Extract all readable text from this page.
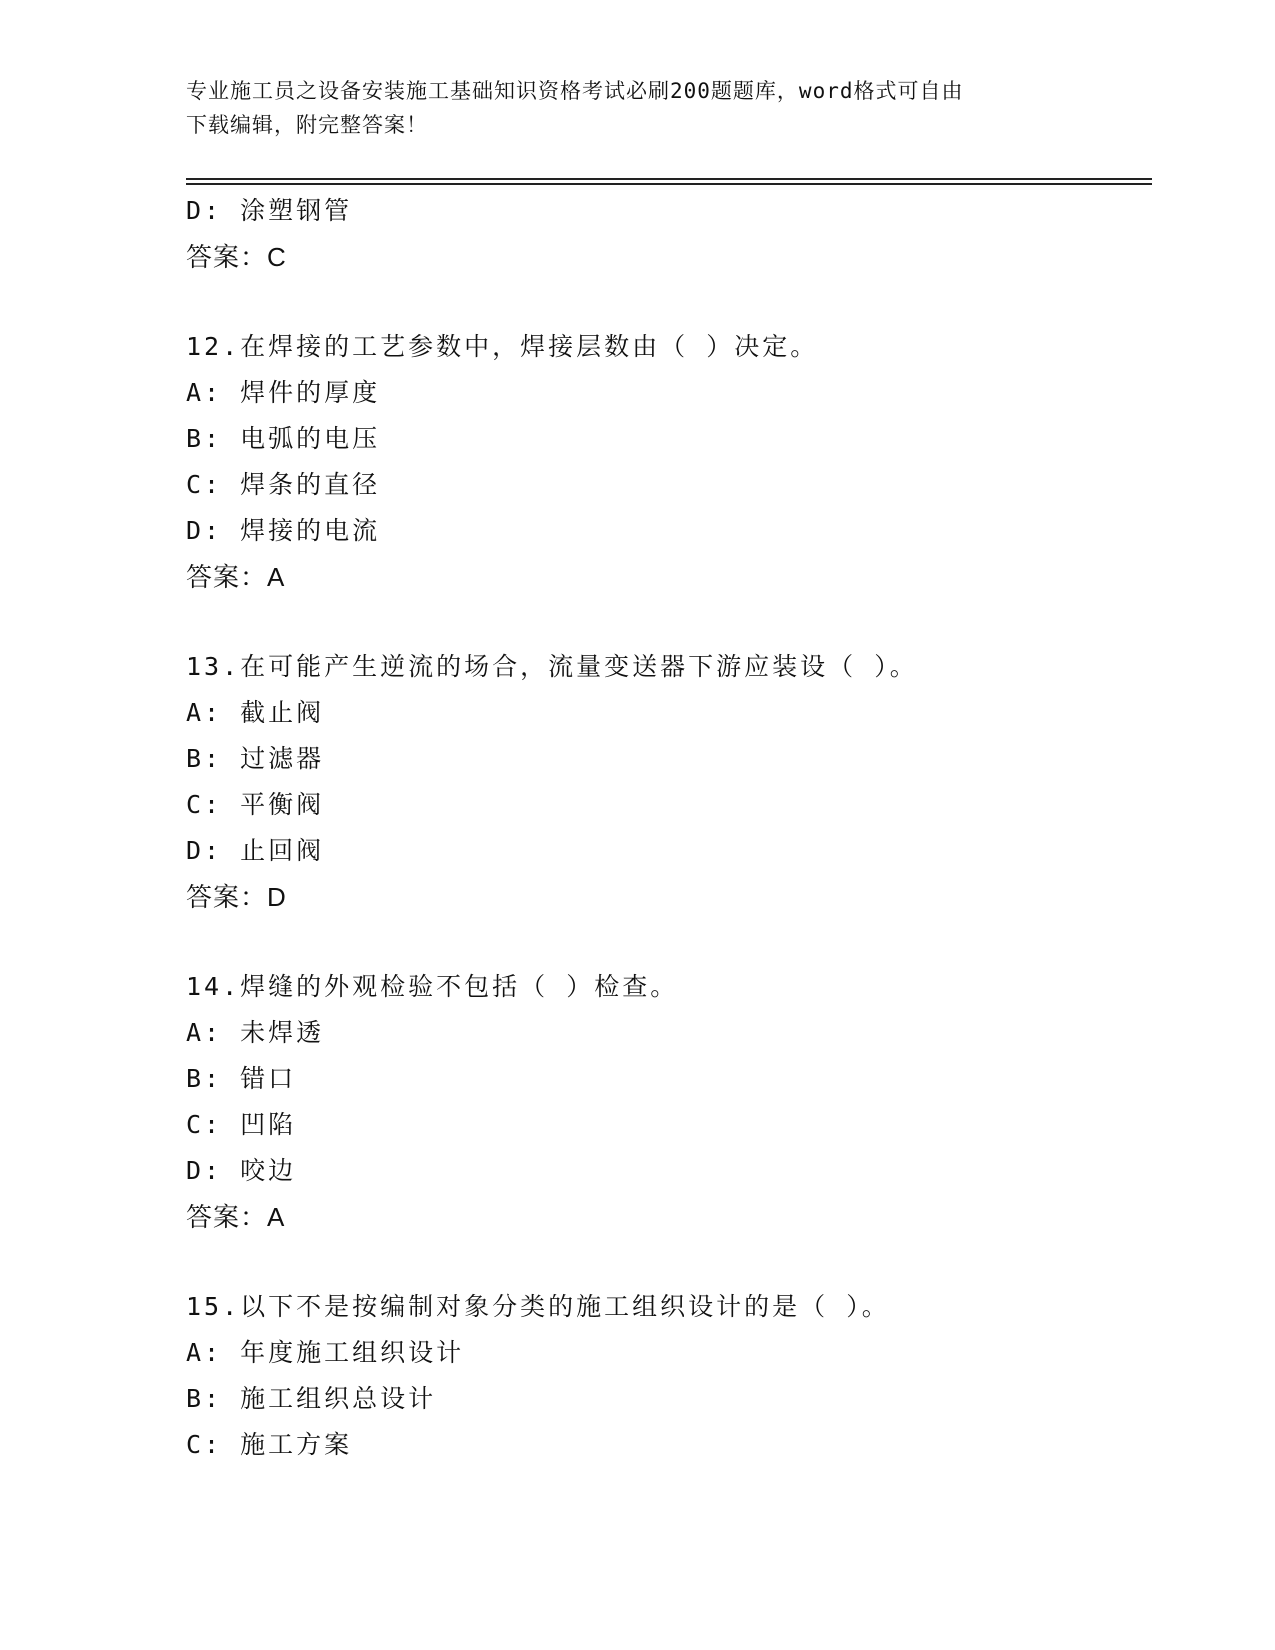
专业施工员之设备安装施工基础知识资格考试必刷200题题库，word格式可自由
下载编辑，附完整答案！
D: 涂塑钢管
答案：C
12.在焊接的工艺参数中，焊接层数由（ ）决定。
A: 焊件的厚度
B: 电弧的电压
C: 焊条的直径
D: 焊接的电流
答案：A
13.在可能产生逆流的场合，流量变送器下游应装设（ ）。
A: 截止阀
B: 过滤器
C: 平衡阀
D: 止回阀
答案：D
14.焊缝的外观检验不包括（ ）检查。
A: 未焊透
B: 错口
C: 凹陷
D: 咬边
答案：A
15.以下不是按编制对象分类的施工组织设计的是（ ）。
A: 年度施工组织设计
B: 施工组织总设计
C: 施工方案
